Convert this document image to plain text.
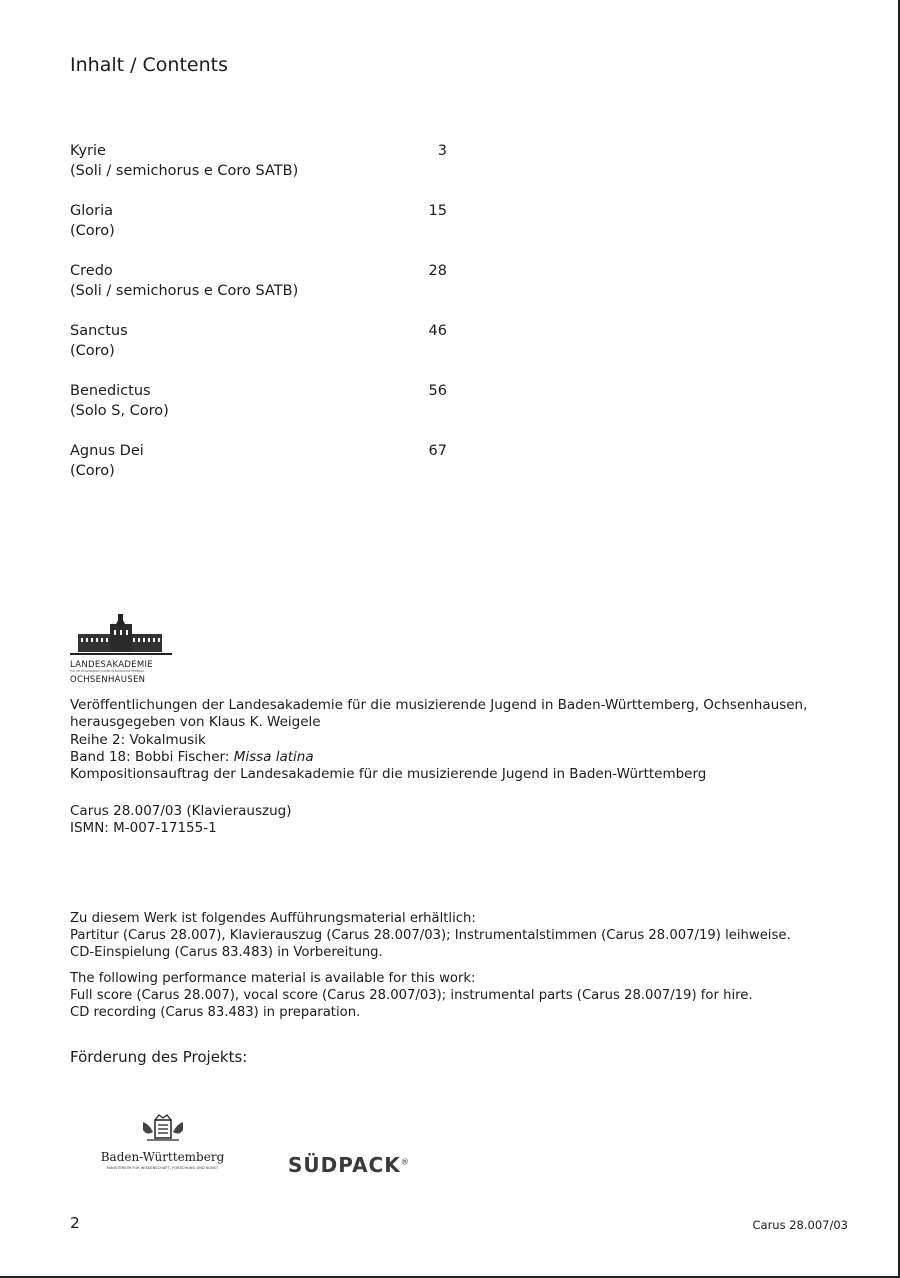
Inhalt / Contents
Kyrie
(Soli / semichorus e Coro SATB)
3
Gloria
(Coro)
15
Credo
(Soli / semichorus e Coro SATB)
28
Sanctus
(Coro)
46
Benedictus
(Solo S, Coro)
56
Agnus Dei
(Coro)
67
LANDESAKADEMIE
FÜR DIE MUSIZIERENDE JUGEND IN BADEN-WÜRTTEMBERG
OCHSENHAUSEN
Veröffentlichungen der Landesakademie für die musizierende Jugend in Baden-Württemberg, Ochsenhausen,
herausgegeben von Klaus K. Weigele
Reihe 2: Vokalmusik
Band 18: Bobbi Fischer: Missa latina
Kompositionsauftrag der Landesakademie für die musizierende Jugend in Baden-Württemberg
Carus 28.007/03 (Klavierauszug)
ISMN: M-007-17155-1
Zu diesem Werk ist folgendes Aufführungsmaterial erhältlich:
Partitur (Carus 28.007), Klavierauszug (Carus 28.007/03); Instrumentalstimmen (Carus 28.007/19) leihweise.
CD-Einspielung (Carus 83.483) in Vorbereitung.
The following performance material is available for this work:
Full score (Carus 28.007), vocal score (Carus 28.007/03); instrumental parts (Carus 28.007/19) for hire.
CD recording (Carus 83.483) in preparation.
Förderung des Projekts:
Baden-Württemberg
MINISTERIUM FÜR WISSENSCHAFT, FORSCHUNG UND KUNST	SÜDPACK®
2	Carus 28.007/03
